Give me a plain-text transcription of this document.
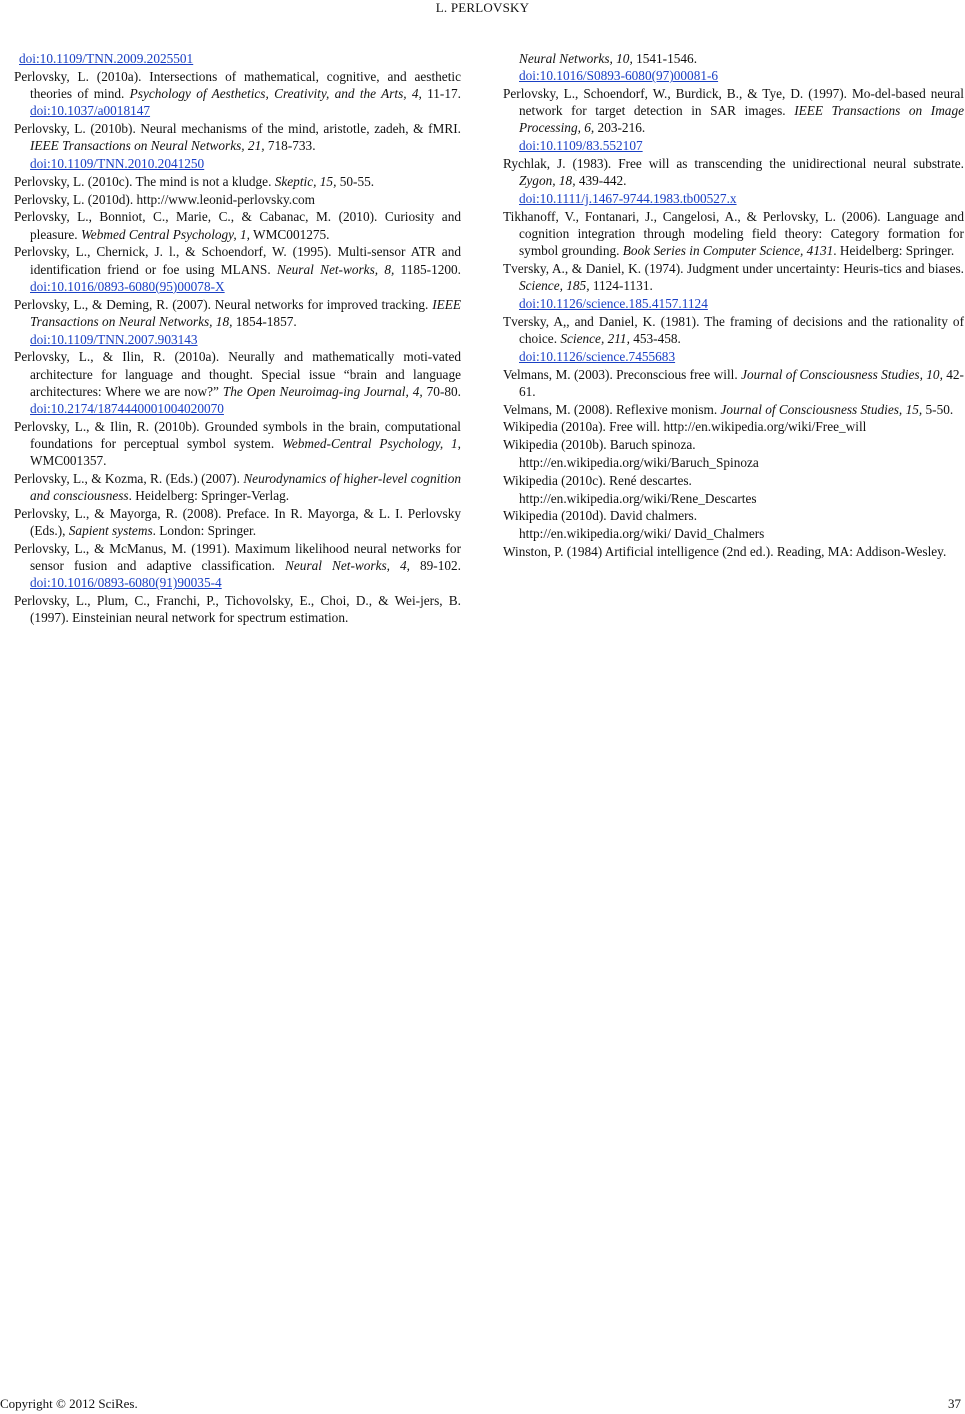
L. PERLOVSKY
doi:10.1109/TNN.2009.2025501
Perlovsky, L. (2010a). Intersections of mathematical, cognitive, and aesthetic theories of mind. Psychology of Aesthetics, Creativity, and the Arts, 4, 11-17. doi:10.1037/a0018147
Perlovsky, L. (2010b). Neural mechanisms of the mind, aristotle, zadeh, & fMRI. IEEE Transactions on Neural Networks, 21, 718-733.
doi:10.1109/TNN.2010.2041250
Perlovsky, L. (2010c). The mind is not a kludge. Skeptic, 15, 50-55.
Perlovsky, L. (2010d). http://www.leonid-perlovsky.com
Perlovsky, L., Bonniot, C., Marie, C., & Cabanac, M. (2010). Curiosity and pleasure. Webmed Central Psychology, 1, WMC001275.
Perlovsky, L., Chernick, J. l., & Schoendorf, W. (1995). Multi-sensor ATR and identification friend or foe using MLANS. Neural Net-works, 8, 1185-1200. doi:10.1016/0893-6080(95)00078-X
Perlovsky, L., & Deming, R. (2007). Neural networks for improved tracking. IEEE Transactions on Neural Networks, 18, 1854-1857.
doi:10.1109/TNN.2007.903143
Perlovsky, L., & Ilin, R. (2010a). Neurally and mathematically moti-vated architecture for language and thought. Special issue “brain and language architectures: Where we are now?” The Open Neuroimag-ing Journal, 4, 70-80. doi:10.2174/1874440001004020070
Perlovsky, L., & Ilin, R. (2010b). Grounded symbols in the brain, computational foundations for perceptual symbol system. Webmed-Central Psychology, 1, WMC001357.
Perlovsky, L., & Kozma, R. (Eds.) (2007). Neurodynamics of higher-level cognition and consciousness. Heidelberg: Springer-Verlag.
Perlovsky, L., & Mayorga, R. (2008). Preface. In R. Mayorga, & L. I. Perlovsky (Eds.), Sapient systems. London: Springer.
Perlovsky, L., & McManus, M. (1991). Maximum likelihood neural networks for sensor fusion and adaptive classification. Neural Net-works, 4, 89-102. doi:10.1016/0893-6080(91)90035-4
Perlovsky, L., Plum, C., Franchi, P., Tichovolsky, E., Choi, D., & Wei-jers, B. (1997). Einsteinian neural network for spectrum estimation.
Neural Networks, 10, 1541-1546.
doi:10.1016/S0893-6080(97)00081-6
Perlovsky, L., Schoendorf, W., Burdick, B., & Tye, D. (1997). Mo-del-based neural network for target detection in SAR images. IEEE Transactions on Image Processing, 6, 203-216.
doi:10.1109/83.552107
Rychlak, J. (1983). Free will as transcending the unidirectional neural substrate. Zygon, 18, 439-442.
doi:10.1111/j.1467-9744.1983.tb00527.x
Tikhanoff, V., Fontanari, J., Cangelosi, A., & Perlovsky, L. (2006). Language and cognition integration through modeling field theory: Category formation for symbol grounding. Book Series in Computer Science, 4131. Heidelberg: Springer.
Tversky, A., & Daniel, K. (1974). Judgment under uncertainty: Heuris-tics and biases. Science, 185, 1124-1131.
doi:10.1126/science.185.4157.1124
Tversky, A,, and Daniel, K. (1981). The framing of decisions and the rationality of choice. Science, 211, 453-458.
doi:10.1126/science.7455683
Velmans, M. (2003). Preconscious free will. Journal of Consciousness Studies, 10, 42-61.
Velmans, M. (2008). Reflexive monism. Journal of Consciousness Studies, 15, 5-50.
Wikipedia (2010a). Free will. http://en.wikipedia.org/wiki/Free_will
Wikipedia (2010b). Baruch spinoza.
http://en.wikipedia.org/wiki/Baruch_Spinoza
Wikipedia (2010c). René descartes.
http://en.wikipedia.org/wiki/Rene_Descartes
Wikipedia (2010d). David chalmers.
http://en.wikipedia.org/wiki/ David_Chalmers
Winston, P. (1984) Artificial intelligence (2nd ed.). Reading, MA: Addison-Wesley.
Copyright © 2012 SciRes.	37
